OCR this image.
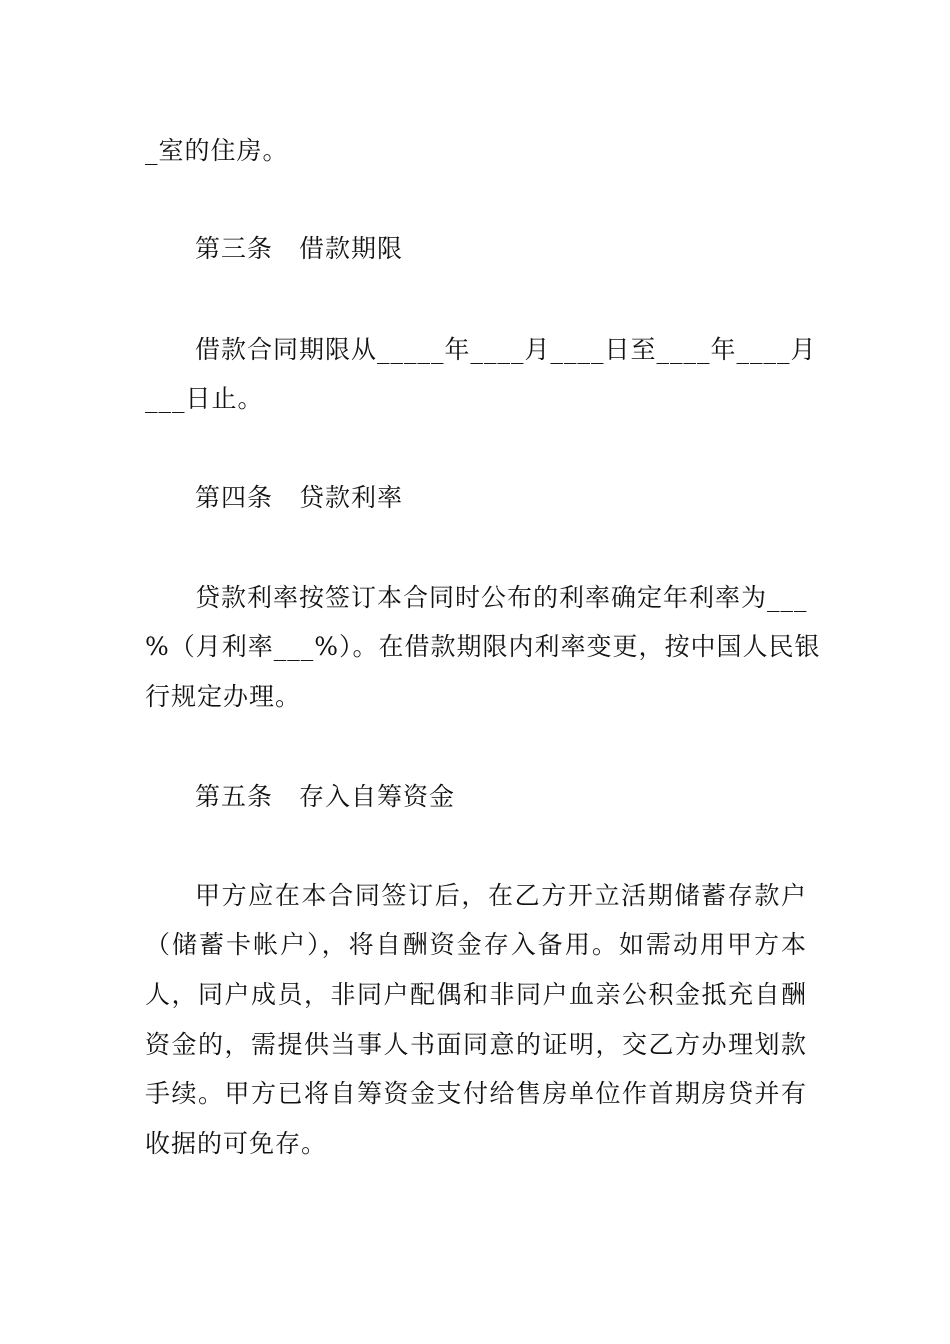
_室的住房。
第三条　借款期限
借款合同期限从_____年____月____日至____年____月
___日止。
第四条　贷款利率
贷款利率按签订本合同时公布的利率确定年利率为___
%（月利率___%）。在借款期限内利率变更，按中国人民银
行规定办理。
第五条　存入自筹资金
甲方应在本合同签订后，在乙方开立活期储蓄存款户
（储蓄卡帐户），将自酬资金存入备用。如需动用甲方本
人，同户成员，非同户配偶和非同户血亲公积金抵充自酬
资金的，需提供当事人书面同意的证明，交乙方办理划款
手续。甲方已将自筹资金支付给售房单位作首期房贷并有
收据的可免存。
